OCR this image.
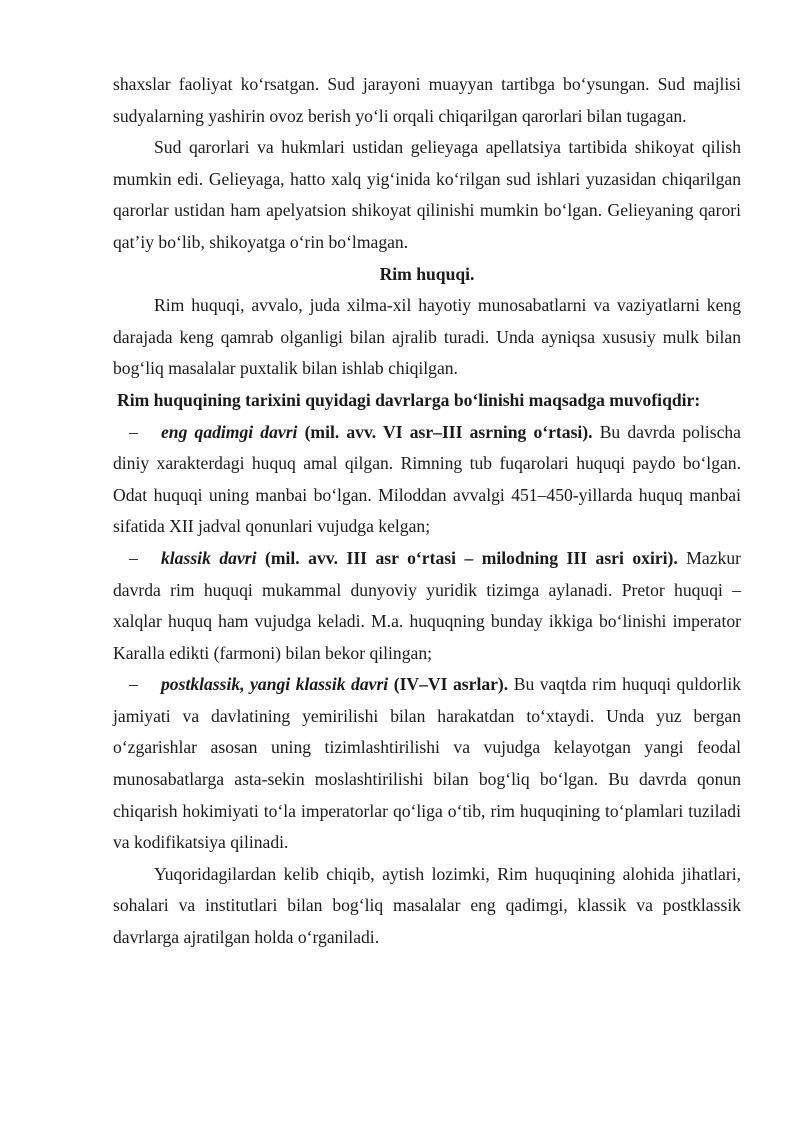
shaxslar faoliyat ko‘rsatgan. Sud jarayoni muayyan tartibga bo‘ysungan. Sud majlisi sudyalarning yashirin ovoz berish yo‘li orqali chiqarilgan qarorlari bilan tugagan.

Sud qarorlari va hukmlari ustidan gelieyaga apellatsiya tartibida shikoyat qilish mumkin edi. Gelieyaga, hatto xalq yig‘inida ko‘rilgan sud ishlari yuzasidan chiqarilgan qarorlar ustidan ham apelyatsion shikoyat qilinishi mumkin bo‘lgan. Gelieyaning qarori qat’iy bo‘lib, shikoyatga o‘rin bo‘lmagan.

Rim huquqi.

Rim huquqi, avvalo, juda xilma-xil hayotiy munosabatlarni va vaziyatlarni keng darajada keng qamrab olganligi bilan ajralib turadi. Unda ayniqsa xususiy mulk bilan bog‘liq masalalar puxtalik bilan ishlab chiqilgan.

Rim huquqining tarixini quyidagi davrlarga bo‘linishi maqsadga muvofiqdir:

– eng qadimgi davri (mil. avv. VI asr–III asrning o‘rtasi). Bu davrda polischa diniy xarakterdagi huquq amal qilgan. Rimning tub fuqarolari huquqi paydo bo‘lgan. Odat huquqi uning manbai bo‘lgan. Miloddan avvalgi 451–450-yillarda huquq manbai sifatida XII jadval qonunlari vujudga kelgan;

– klassik davri (mil. avv. III asr o‘rtasi – milodning III asri oxiri). Mazkur davrda rim huquqi mukammal dunyoviy yuridik tizimga aylanadi. Pretor huquqi – xalqlar huquq ham vujudga keladi. M.a. huquqning bunday ikkiga bo‘linishi imperator Karalla edikti (farmoni) bilan bekor qilingan;

– postklassik, yangi klassik davri (IV–VI asrlar). Bu vaqtda rim huquqi quldorlik jamiyati va davlatining yemirilishi bilan harakatdan to‘xtaydi. Unda yuz bergan o‘zgarishlar asosan uning tizimlashtirilishi va vujudga kelayotgan yangi feodal munosabatlarga asta-sekin moslashtirilishi bilan bog‘liq bo‘lgan. Bu davrda qonun chiqarish hokimiyati to‘la imperatorlar qo‘liga o‘tib, rim huquqining to‘plamlari tuziladi va kodifikatsiya qilinadi.

Yuqoridagilardan kelib chiqib, aytish lozimki, Rim huquqining alohida jihatlari, sohalari va institutlari bilan bog‘liq masalalar eng qadimgi, klassik va postklassik davrlarga ajratilgan holda o‘rganiladi.
